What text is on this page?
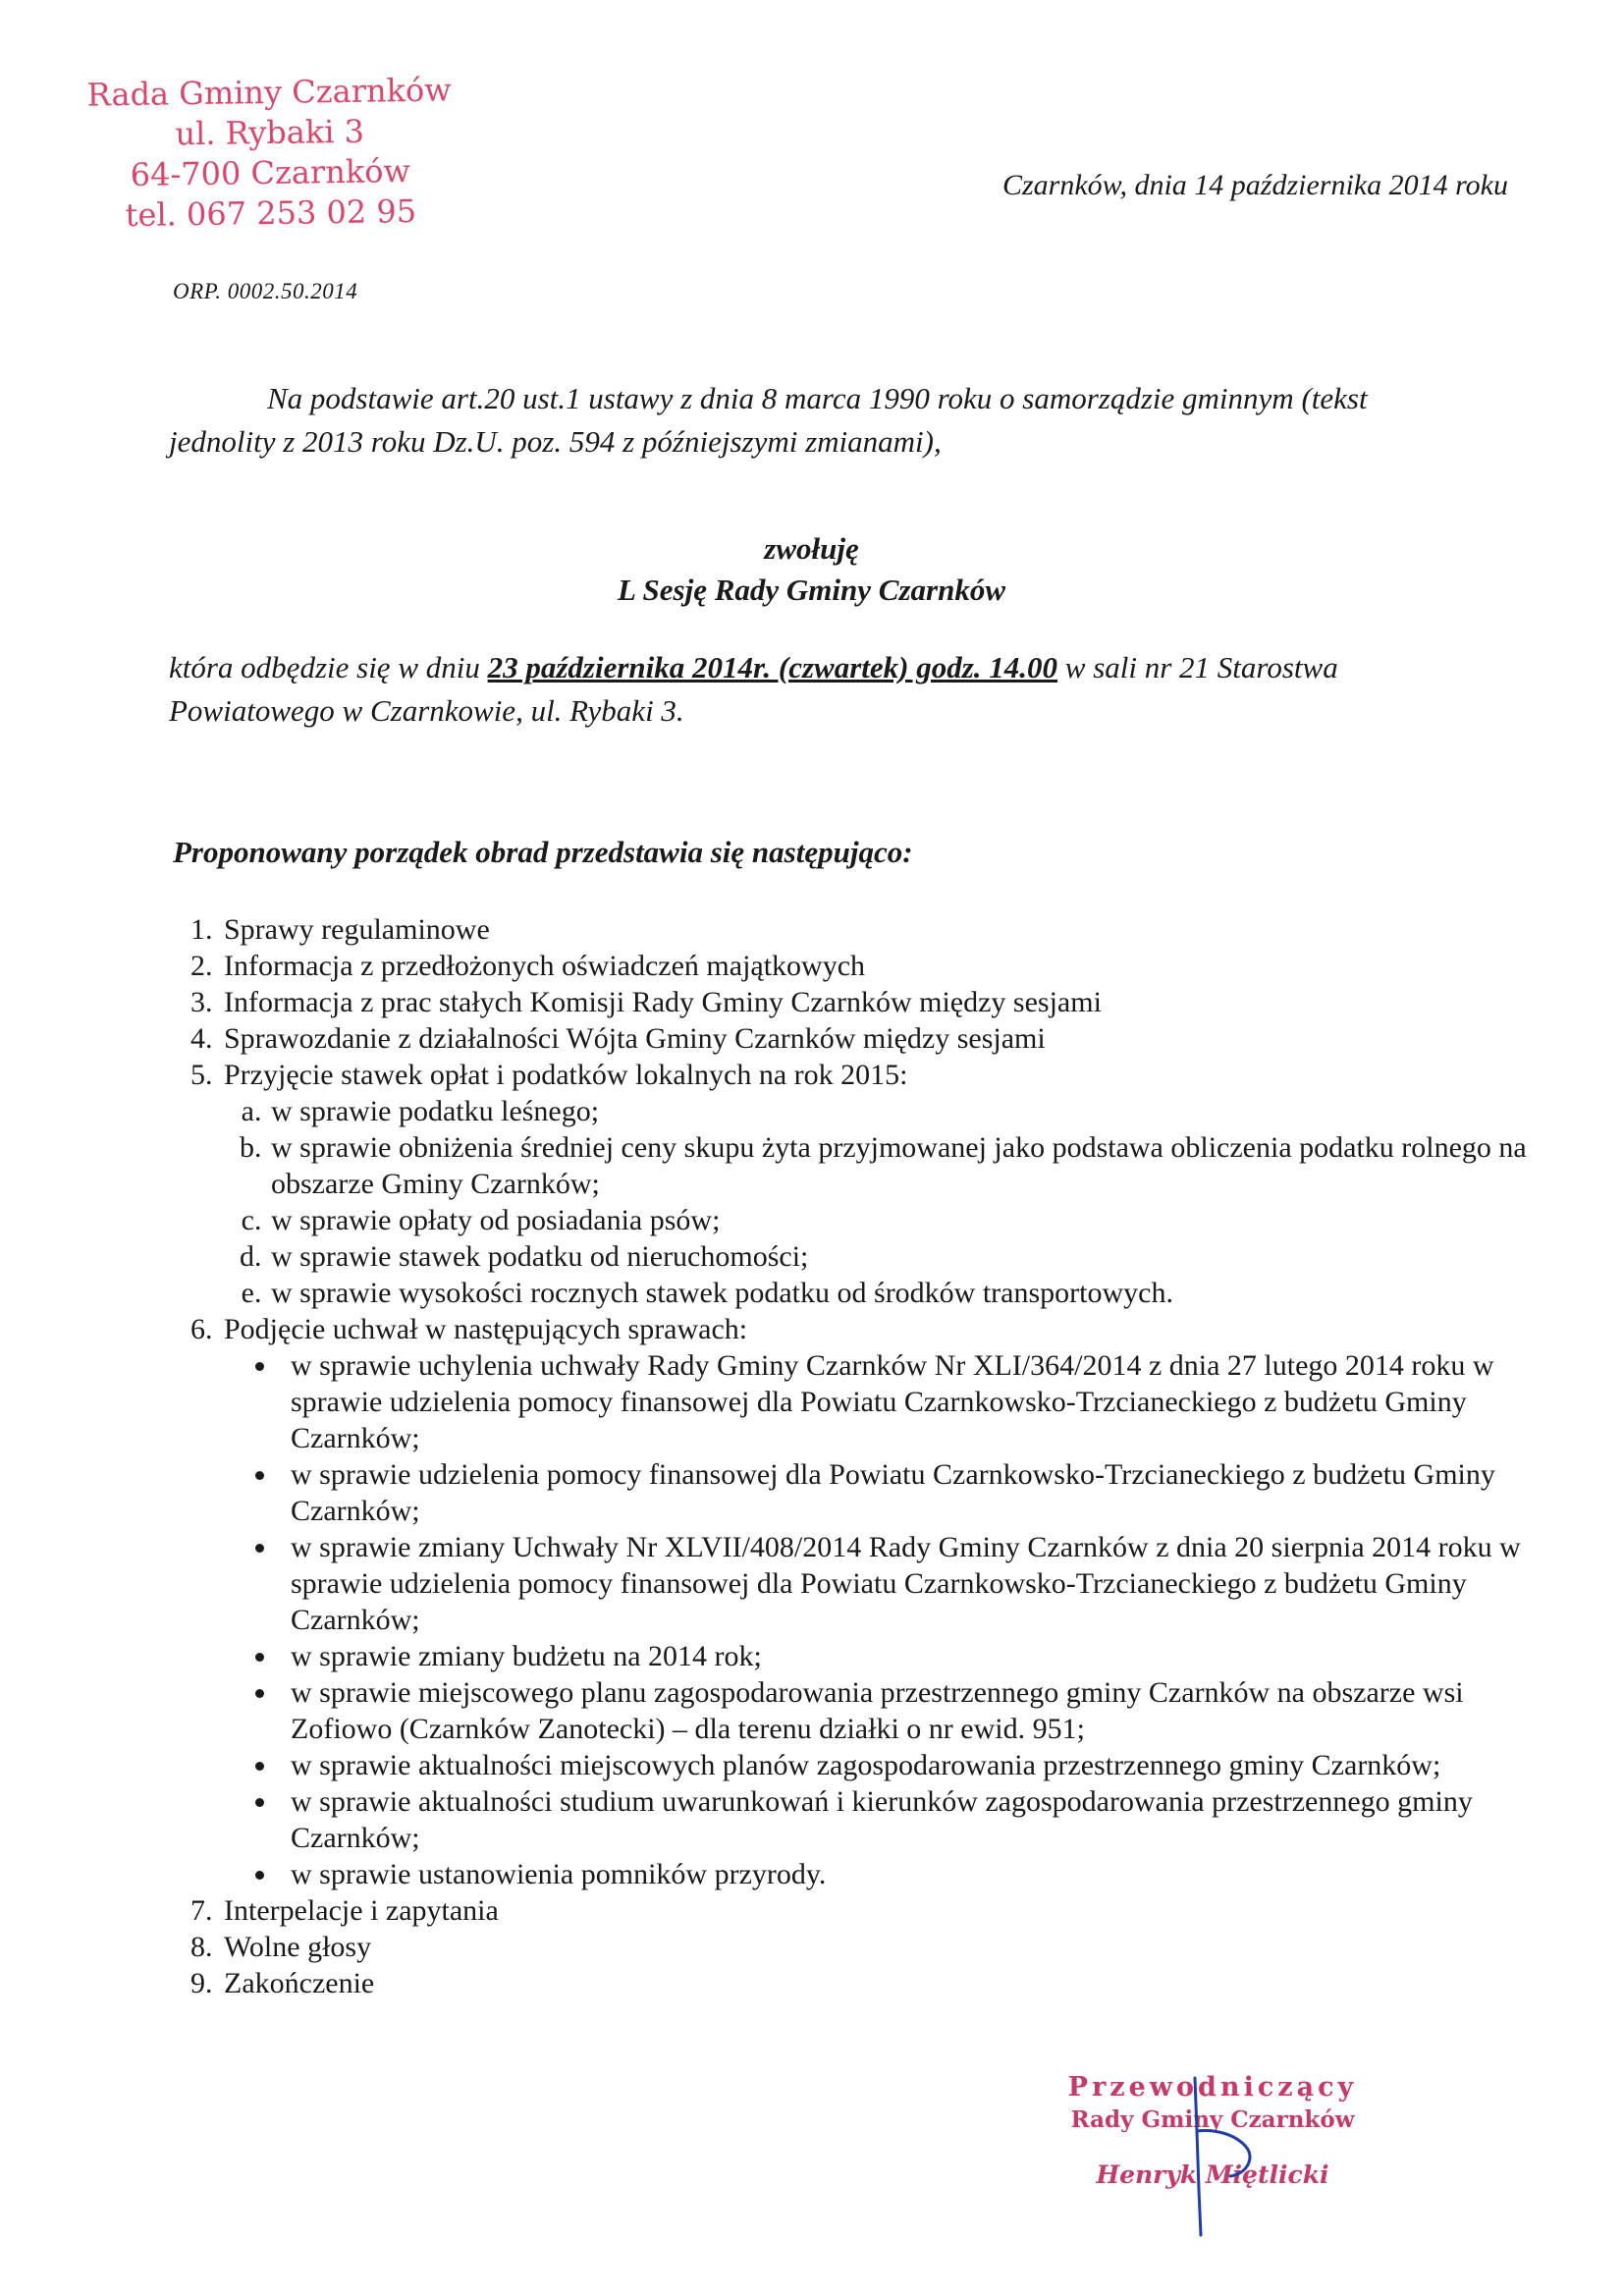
Rada Gminy Czarnków
ul. Rybaki 3
64-700 Czarnków
tel. 067 253 02 95
Czarnków, dnia 14 października 2014 roku
ORP. 0002.50.2014
Na podstawie art.20 ust.1 ustawy z dnia 8 marca 1990 roku o samorządzie gminnym (tekst jednolity z 2013 roku Dz.U. poz. 594 z późniejszymi zmianami),
zwołuję
L Sesję Rady Gminy Czarnków
która odbędzie się w dniu 23 października 2014r. (czwartek) godz. 14.00 w sali nr 21 Starostwa Powiatowego w Czarnkowie, ul. Rybaki 3.
Proponowany porządek obrad przedstawia się następująco:
1. Sprawy regulaminowe
2. Informacja z przedłożonych oświadczeń majątkowych
3. Informacja z prac stałych Komisji Rady Gminy Czarnków między sesjami
4. Sprawozdanie z działalności Wójta Gminy Czarnków między sesjami
5. Przyjęcie stawek opłat i podatków lokalnych na rok 2015:
a. w sprawie podatku leśnego;
b. w sprawie obniżenia średniej ceny skupu żyta przyjmowanej jako podstawa obliczenia podatku rolnego na obszarze Gminy Czarnków;
c. w sprawie opłaty od posiadania psów;
d. w sprawie stawek podatku od nieruchomości;
e. w sprawie wysokości rocznych stawek podatku od środków transportowych.
6. Podjęcie uchwał w następujących sprawach:
• w sprawie uchylenia uchwały Rady Gminy Czarnków Nr XLI/364/2014 z dnia 27 lutego 2014 roku w sprawie udzielenia pomocy finansowej dla Powiatu Czarnkowsko-Trzcianeckiego z budżetu Gminy Czarnków;
• w sprawie udzielenia pomocy finansowej dla Powiatu Czarnkowsko-Trzcianeckiego z budżetu Gminy Czarnków;
• w sprawie zmiany Uchwały Nr XLVII/408/2014 Rady Gminy Czarnków z dnia 20 sierpnia 2014 roku w sprawie udzielenia pomocy finansowej dla Powiatu Czarnkowsko-Trzcianeckiego z budżetu Gminy Czarnków;
• w sprawie zmiany budżetu na 2014 rok;
• w sprawie miejscowego planu zagospodarowania przestrzennego gminy Czarnków na obszarze wsi Zofiowo (Czarnków Zanotecki) – dla terenu działki o nr ewid. 951;
• w sprawie aktualności miejscowych planów zagospodarowania przestrzennego gminy Czarnków;
• w sprawie aktualności studium uwarunkowań i kierunków zagospodarowania przestrzennego gminy Czarnków;
• w sprawie ustanowienia pomników przyrody.
7. Interpelacje i zapytania
8. Wolne głosy
9. Zakończenie
Przewodniczący
Rady Gminy Czarnków
Henryk Miętlicki
